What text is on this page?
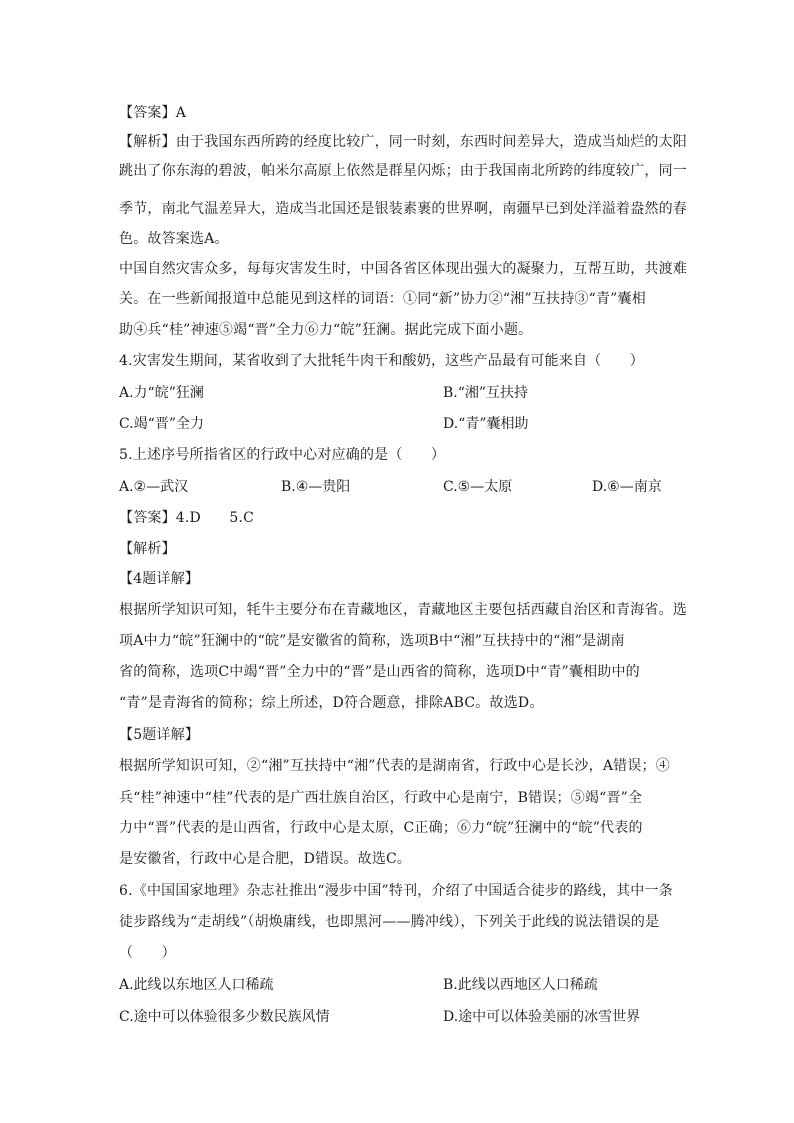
【答案】A
【解析】由于我国东西所跨的经度比较广，同一时刻，东西时间差异大，造成当灿烂的太阳
跳出了你东海的碧波，帕米尔高原上依然是群星闪烁；由于我国南北所跨的纬度较广，同一
季节，南北气温差异大，造成当北国还是银装素裹的世界啊，南疆早已到处洋溢着盎然的春
色。故答案选A。
中国自然灾害众多，每每灾害发生时，中国各省区体现出强大的凝聚力，互帮互助，共渡难
关。在一些新闻报道中总能见到这样的词语：①同“新”协力②“湘”互扶持③“青”囊相
助④兵“桂”神速⑤竭“晋”全力⑥力“皖”狂澜。据此完成下面小题。
4.灾害发生期间，某省收到了大批牦牛肉干和酸奶，这些产品最有可能来自（　　）
A.力“皖”狂澜	B.“湘”互扶持
C.竭“晋”全力	D.“青”囊相助
5.上述序号所指省区的行政中心对应确的是（　　）
A.②—武汉	B.④—贵阳	C.⑤—太原	D.⑥—南京
【答案】4.D　　5.C
【解析】
【4题详解】
根据所学知识可知，牦牛主要分布在青藏地区，青藏地区主要包括西藏自治区和青海省。选
项A中力“皖”狂澜中的“皖”是安徽省的简称，选项B中“湘”互扶持中的“湘”是湖南
省的简称，选项C中竭“晋”全力中的“晋”是山西省的简称，选项D中“青”囊相助中的
“青”是青海省的简称；综上所述，D符合题意，排除ABC。故选D。
【5题详解】
根据所学知识可知，②“湘”互扶持中“湘”代表的是湖南省，行政中心是长沙，A错误；④
兵“桂”神速中“桂”代表的是广西壮族自治区，行政中心是南宁，B错误；⑤竭“晋”全
力中“晋”代表的是山西省，行政中心是太原，C正确；⑥力“皖”狂澜中的“皖”代表的
是安徽省，行政中心是合肥，D错误。故选C。
6.《中国国家地理》杂志社推出“漫步中国”特刊，介绍了中国适合徒步的路线，其中一条
徒步路线为“走胡线”（胡焕庸线，也即黑河——腾冲线），下列关于此线的说法错误的是
（　　）
A.此线以东地区人口稀疏	B.此线以西地区人口稀疏
C.途中可以体验很多少数民族风情	D.途中可以体验美丽的冰雪世界
